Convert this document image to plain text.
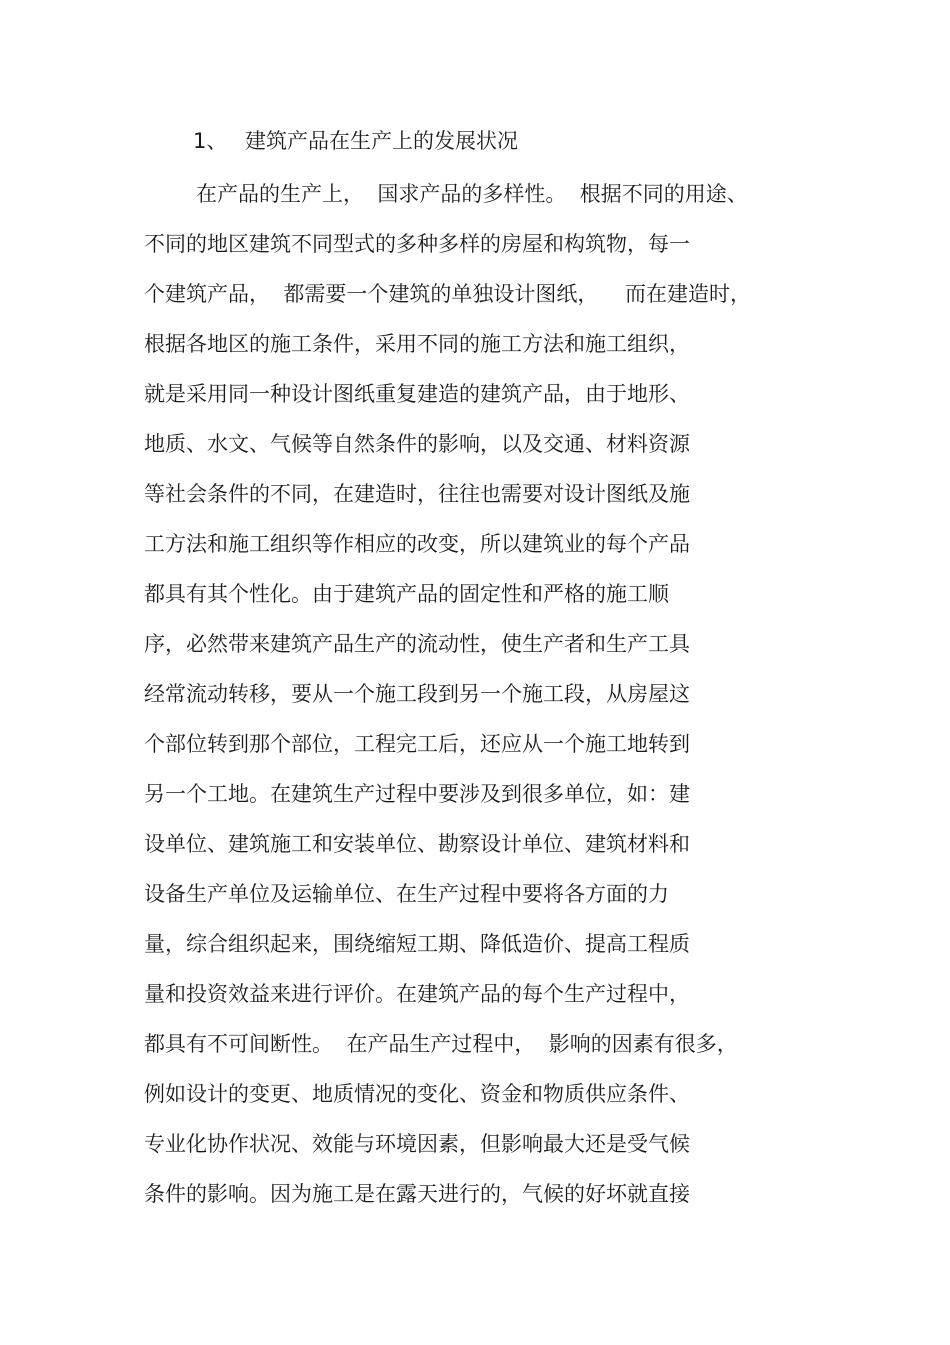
1、 建筑产品在生产上的发展状况
在产品的生产上，  国求产品的多样性。  根据不同的用途、
不同的地区建筑不同型式的多种多样的房屋和构筑物，每一
个建筑产品，  都需要一个建筑的单独设计图纸，    而在建造时，
根据各地区的施工条件，采用不同的施工方法和施工组织，
就是采用同一种设计图纸重复建造的建筑产品，由于地形、
地质、水文、气候等自然条件的影响，以及交通、材料资源
等社会条件的不同，在建造时，往往也需要对设计图纸及施
工方法和施工组织等作相应的改变，所以建筑业的每个产品
都具有其个性化。由于建筑产品的固定性和严格的施工顺
序，必然带来建筑产品生产的流动性，使生产者和生产工具
经常流动转移，要从一个施工段到另一个施工段，从房屋这
个部位转到那个部位，工程完工后，还应从一个施工地转到
另一个工地。在建筑生产过程中要涉及到很多单位，如：建
设单位、建筑施工和安装单位、勘察设计单位、建筑材料和
设备生产单位及运输单位、在生产过程中要将各方面的力
量，综合组织起来，围绕缩短工期、降低造价、提高工程质
量和投资效益来进行评价。在建筑产品的每个生产过程中，
都具有不可间断性。  在产品生产过程中，  影响的因素有很多，
例如设计的变更、地质情况的变化、资金和物质供应条件、
专业化协作状况、效能与环境因素，但影响最大还是受气候
条件的影响。因为施工是在露天进行的，气候的好坏就直接
